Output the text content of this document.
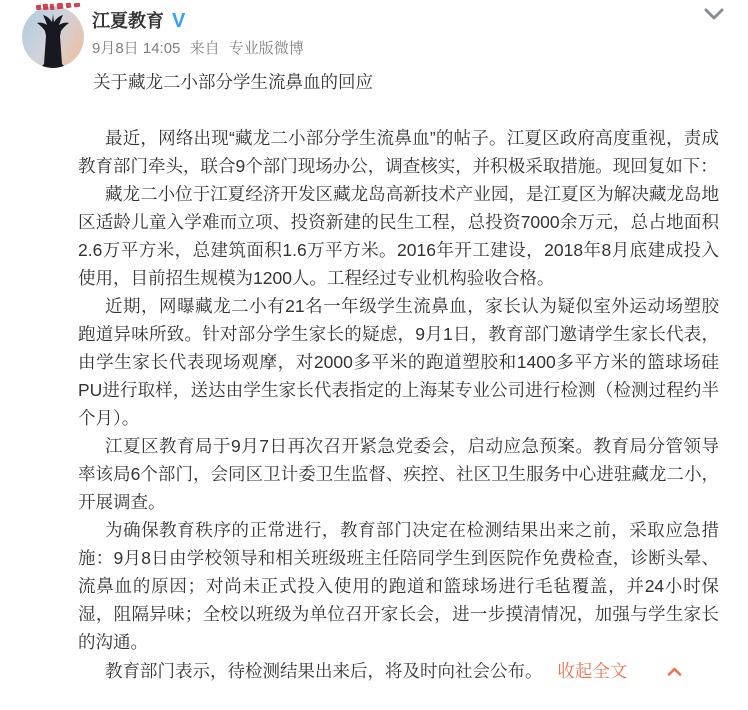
江夏教育 V
9月8日 14:05 来自 专业版微博

关于藏龙二小部分学生流鼻血的回应

最近，网络出现“藏龙二小部分学生流鼻血”的帖子。江夏区政府高度重视，责成教育部门牵头，联合9个部门现场办公，调查核实，并积极采取措施。现回复如下：

藏龙二小位于江夏经济开发区藏龙岛高新技术产业园，是江夏区为解决藏龙岛地区适龄儿童入学难而立项、投资新建的民生工程，总投资7000余万元，总占地面积2.6万平方米，总建筑面积1.6万平方米。2016年开工建设，2018年8月底建成投入使用，目前招生规模为1200人。工程经过专业机构验收合格。

近期，网曝藏龙二小有21名一年级学生流鼻血，家长认为疑似室外运动场塑胶跑道异味所致。针对部分学生家长的疑虑，9月1日，教育部门邀请学生家长代表，由学生家长代表现场观摩，对2000多平米的跑道塑胶和1400多平方米的篮球场硅PU进行取样，送达由学生家长代表指定的上海某专业公司进行检测（检测过程约半个月）。

江夏区教育局于9月7日再次召开紧急党委会，启动应急预案。教育局分管领导率该局6个部门，会同区卫计委卫生监督、疾控、社区卫生服务中心进驻藏龙二小，开展调查。

为确保教育秩序的正常进行，教育部门决定在检测结果出来之前，采取应急措施：9月8日由学校领导和相关班级班主任陪同学生到医院作免费检查，诊断头晕、流鼻血的原因；对尚未正式投入使用的跑道和篮球场进行毛毡覆盖，并24小时保湿，阻隔异味；全校以班级为单位召开家长会，进一步摸清情况，加强与学生家长的沟通。

教育部门表示，待检测结果出来后，将及时向社会公布。 收起全文
